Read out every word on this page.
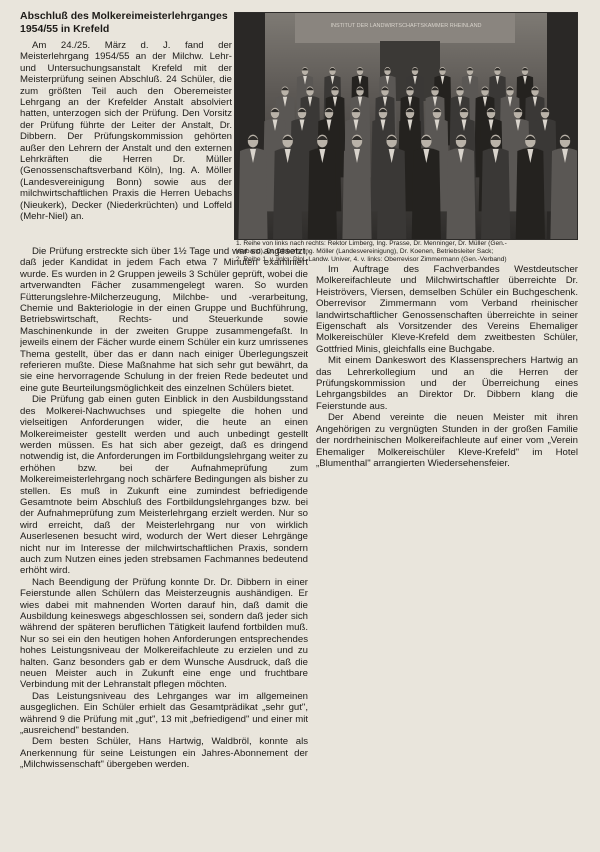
Abschluß des Molkereimeisterlehrganges 1954/55 in Krefeld

Am 24./25. März d. J. fand der Meisterlehrgang 1954/55 an der Milchw. Lehr- und Untersuchungsanstalt Krefeld mit der Meisterprüfung seinen Abschluß. 24 Schüler, die zum größten Teil auch den Oberemeister Lehrgang an der Krefelder Anstalt absolviert hatten, unterzogen sich der Prüfung. Den Vorsitz der Prüfung führte der Leiter der Anstalt, Dr. Dibbern. Der Prüfungskommission gehörten außer den Lehrern der Anstalt und den externen Lehrkräften die Herren Dr. Müller (Genossenschaftsverband Köln), Ing. A. Möller (Landesvereinigung Bonn) sowie aus der milchwirtschaftlichen Praxis die Herren Uebachs (Nieukerk), Decker (Niederkrüchten) und Loffeld (Mehr-Niel) an.

INSTITUT DER LANDWIRTSCHAFTSKAMMER RHEINLAND
1. Reihe von links nach rechts: Rektor Limberg, Ing. Prasse, Dr. Menninger, Dr. Müller (Gen.-
Verband), Dr. Dibbern, Ing. Möller (Landesvereinigung), Dr. Koenen, Betriebsleiter Sack;
2. Reihe 1. v. links: Dipl.-Landw. Univer, 4. v. links: Oberrevisor Zimmermann (Gen.-Verband)

Die Prüfung erstreckte sich über 1½ Tage und war so angesetzt, daß jeder Kandidat in jedem Fach etwa 7 Minuten examiniert wurde. Es wurden in 2 Gruppen jeweils 3 Schüler geprüft, wobei die artverwandten Fächer zusammengelegt waren. So wurden Fütterungslehre-Milcherzeugung, Milchbe- und -verarbeitung, Chemie und Bakteriologie in der einen Gruppe und Buchführung, Betriebswirtschaft, Rechts- und Steuerkunde sowie Maschinenkunde in der zweiten Gruppe zusammengefaßt. In jeweils einem der Fächer wurde einem Schüler ein kurz umrissenes Thema gestellt, über das er dann nach einiger Überlegungszeit referieren mußte. Diese Maßnahme hat sich sehr gut bewährt, da sie eine hervorragende Schulung in der freien Rede bedeutet und eine gute Beurteilungsmöglichkeit des einzelnen Schülers bietet.

Die Prüfung gab einen guten Einblick in den Ausbildungsstand des Molkerei-Nachwuchses und spiegelte die hohen und vielseitigen Anforderungen wider, die heute an einen Molkereimeister gestellt werden und auch unbedingt gestellt werden müssen. Es hat sich aber gezeigt, daß es dringend notwendig ist, die Anforderungen im Fortbildungslehrgang weiter zu erhöhen bzw. bei der Aufnahmeprüfung zum Molkereimeisterlehrgang noch schärfere Bedingungen als bisher zu stellen. Es muß in Zukunft eine zumindest befriedigende Gesamtnote beim Abschluß des Fortbildungslehrganges bzw. bei der Aufnahmeprüfung zum Meisterlehrgang erzielt werden. Nur so wird erreicht, daß der Meisterlehrgang nur von wirklich Auserlesenen besucht wird, wodurch der Wert dieser Lehrgänge nicht nur im Interesse der milchwirtschaftlichen Praxis, sondern auch zum Nutzen eines jeden strebsamen Fachmannes bedeutend erhöht wird.

Nach Beendigung der Prüfung konnte Dr. Dr. Dibbern in einer Feierstunde allen Schülern das Meisterzeugnis aushändigen. Er wies dabei mit mahnenden Worten darauf hin, daß damit die Ausbildung keineswegs abgeschlossen sei, sondern daß jeder sich während der späteren beruflichen Tätigkeit laufend fortbilden muß. Nur so sei ein den heutigen hohen Anforderungen entsprechendes hohes Leistungsniveau der Molkereifachleute zu erzielen und zu halten. Ganz besonders gab er dem Wunsche Ausdruck, daß die neuen Meister auch in Zukunft eine enge und fruchtbare Verbindung mit der Lehranstalt pflegen möchten.

Das Leistungsniveau des Lehrganges war im allgemeinen ausgeglichen. Ein Schüler erhielt das Gesamtprädikat „sehr gut", während 9 die Prüfung mit „gut", 13 mit „befriedigend" und einer mit „ausreichend" bestanden.

Dem besten Schüler, Hans Hartwig, Waldbröl, konnte als Anerkennung für seine Leistungen ein Jahres-Abonnement der „Milchwissenschaft" übergeben werden.

Im Auftrage des Fachverbandes Westdeutscher Molkereifachleute und Milchwirtschaftler überreichte Dr. Heiströvers, Viersen, demselben Schüler ein Buchgeschenk. Oberrevisor Zimmermann vom Verband rheinischer landwirtschaftlicher Genossenschaften überreichte in seiner Eigenschaft als Vorsitzender des Vereins Ehemaliger Molkereischüler Kleve-Krefeld dem zweitbesten Schüler, Gottfried Minis, gleichfalls eine Buchgabe.

Mit einem Dankeswort des Klassensprechers Hartwig an das Lehrerkollegium und an die Herren der Prüfungskommission und der Überreichung eines Lehrgangsbildes an Direktor Dr. Dibbern klang die Feierstunde aus.

Der Abend vereinte die neuen Meister mit ihren Angehörigen zu vergnügten Stunden in der großen Familie der nordrheinischen Molkereifachleute auf einer vom „Verein Ehemaliger Molkereischüler Kleve-Krefeld" im Hotel „Blumenthal" arrangierten Wiedersehensfeier.
